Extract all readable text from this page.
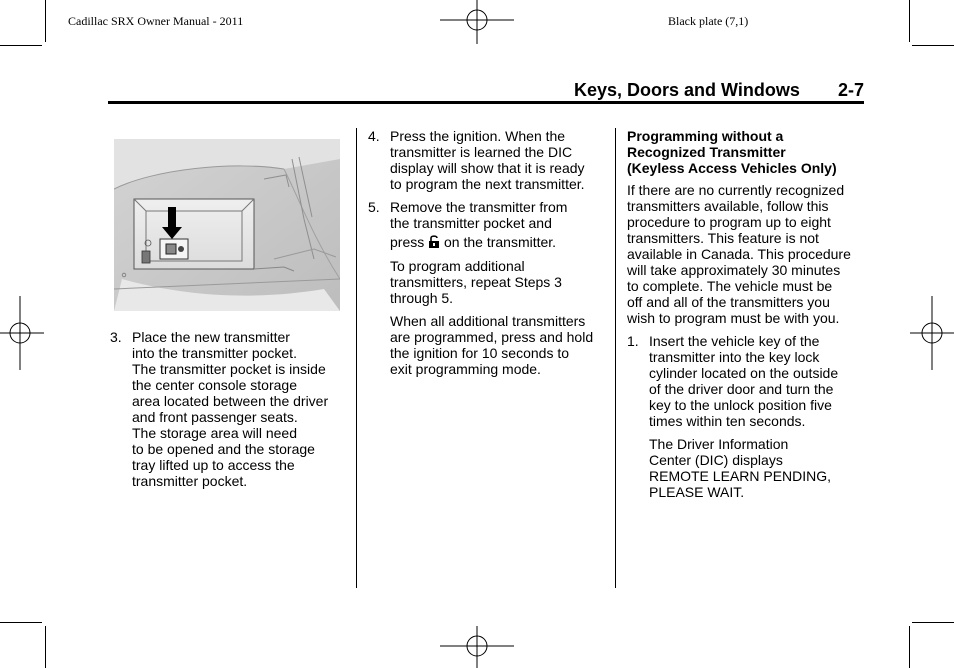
Cadillac SRX Owner Manual - 2011	Black plate (7,1)
Keys, Doors and Windows 2-7
3. Place the new transmitter

into the transmitter pocket.

The transmitter pocket is inside

the center console storage

area located between the driver

and front passenger seats.

The storage area will need

to be opened and the storage

tray lifted up to access the

transmitter pocket.

4. Press the ignition. When the

transmitter is learned the DIC

display will show that it is ready

to program the next transmitter.

5. Remove the transmitter from

the transmitter pocket and

press on the transmitter.

To program additional

transmitters, repeat Steps 3

through 5.

When all additional transmitters

are programmed, press and hold

the ignition for 10 seconds to

exit programming mode.

Programming without a

Recognized Transmitter

(Keyless Access Vehicles Only)

If there are no currently recognized

transmitters available, follow this

procedure to program up to eight

transmitters. This feature is not

available in Canada. This procedure

will take approximately 30 minutes

to complete. The vehicle must be

off and all of the transmitters you

wish to program must be with you.

1. Insert the vehicle key of the

transmitter into the key lock

cylinder located on the outside

of the driver door and turn the

key to the unlock position five

times within ten seconds.

The Driver Information

Center (DIC) displays

REMOTE LEARN PENDING,

PLEASE WAIT.
